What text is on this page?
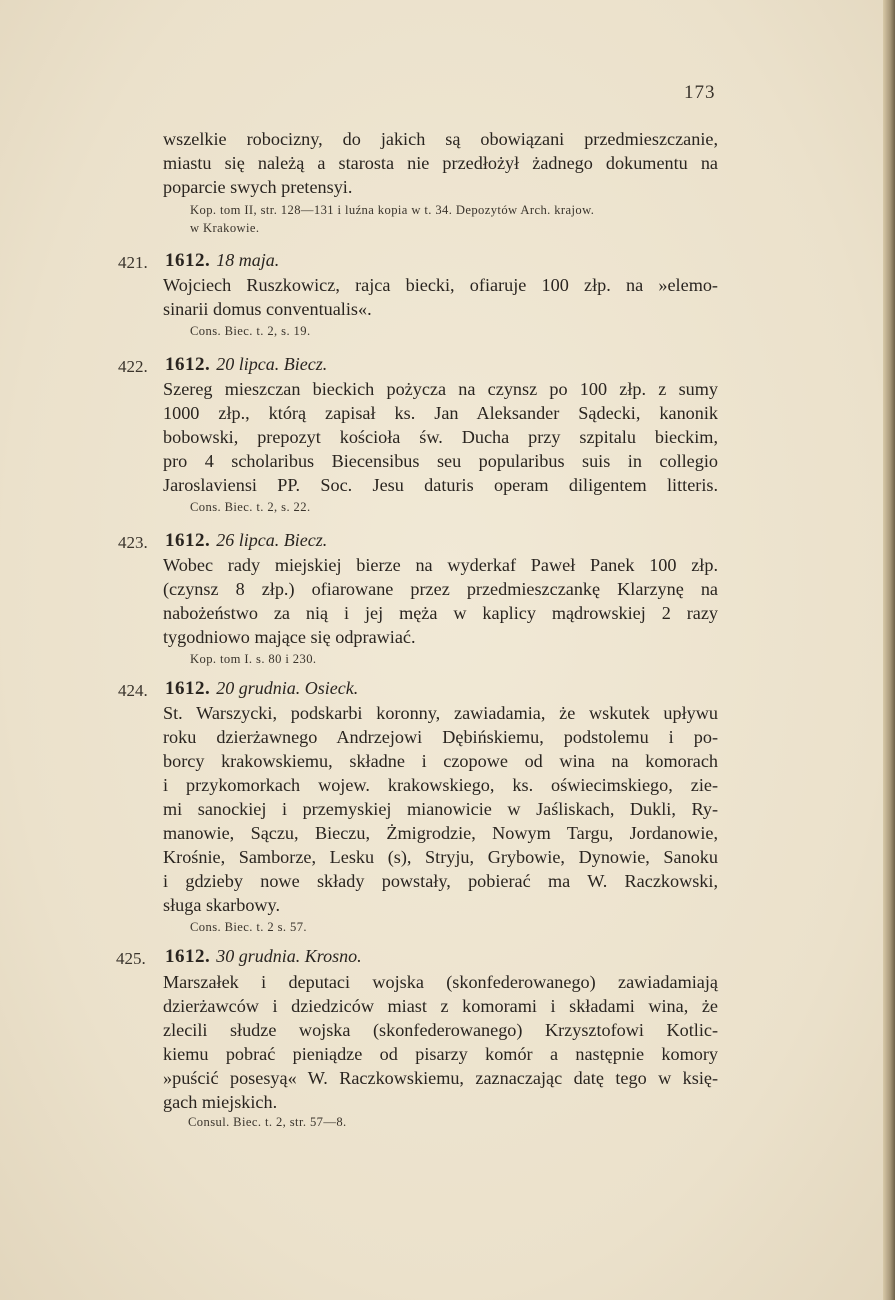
173
wszelkie robocizny, do jakich są obowiązani przedmieszczanie,
miastu się należą a starosta nie przedłożył żadnego dokumentu na
poparcie swych pretensyi.
Kop. tom II, str. 128—131 i luźna kopia w t. 34. Depozytów Arch. krajow.
w Krakowie.
421. 1612. 18 maja.
Wojciech Ruszkowicz, rajca biecki, ofiaruje 100 złp. na »elemo-
sinarii domus conventualis«.
Cons. Biec. t. 2, s. 19.
422. 1612. 20 lipca. Biecz.
Szereg mieszczan bieckich pożycza na czynsz po 100 złp. z sumy
1000 złp., którą zapisał ks. Jan Aleksander Sądecki, kanonik
bobowski, prepozyt kościoła św. Ducha przy szpitalu bieckim,
pro 4 scholaribus Biecensibus seu popularibus suis in collegio
Jaroslaviensi PP. Soc. Jesu daturis operam diligentem litteris.
Cons. Biec. t. 2, s. 22.
423. 1612. 26 lipca. Biecz.
Wobec rady miejskiej bierze na wyderkaf Paweł Panek 100 złp.
(czynsz 8 złp.) ofiarowane przez przedmieszczankę Klarzynę na
nabożeństwo za nią i jej męża w kaplicy mądrowskiej 2 razy
tygodniowo mające się odprawiać.
Kop. tom I. s. 80 i 230.
424. 1612. 20 grudnia. Osieck.
St. Warszycki, podskarbi koronny, zawiadamia, że wskutek upływu
roku dzierżawnego Andrzejowi Dębińskiemu, podstolemu i po-
borcy krakowskiemu, składne i czopowe od wina na komorach
i przykomorkach wojew. krakowskiego, ks. oświecimskiego, zie-
mi sanockiej i przemyskiej mianowicie w Jaśliskach, Dukli, Ry-
manowie, Sączu, Bieczu, Żmigrodzie, Nowym Targu, Jordanowie,
Krośnie, Samborze, Lesku (s), Stryju, Grybowie, Dynowie, Sanoku
i gdzieby nowe składy powstały, pobierać ma W. Raczkowski,
sługa skarbowy.
Cons. Biec. t. 2 s. 57.
425. 1612. 30 grudnia. Krosno.
Marszałek i deputaci wojska (skonfederowanego) zawiadamiają
dzierżawców i dziedziców miast z komorami i składami wina, że
zlecili słudze wojska (skonfederowanego) Krzysztofowi Kotlic-
kiemu pobrać pieniądze od pisarzy komór a następnie komory
»puścić posesyą« W. Raczkowskiemu, zaznaczając datę tego w księ-
gach miejskich.
Consul. Biec. t. 2, str. 57—8.
